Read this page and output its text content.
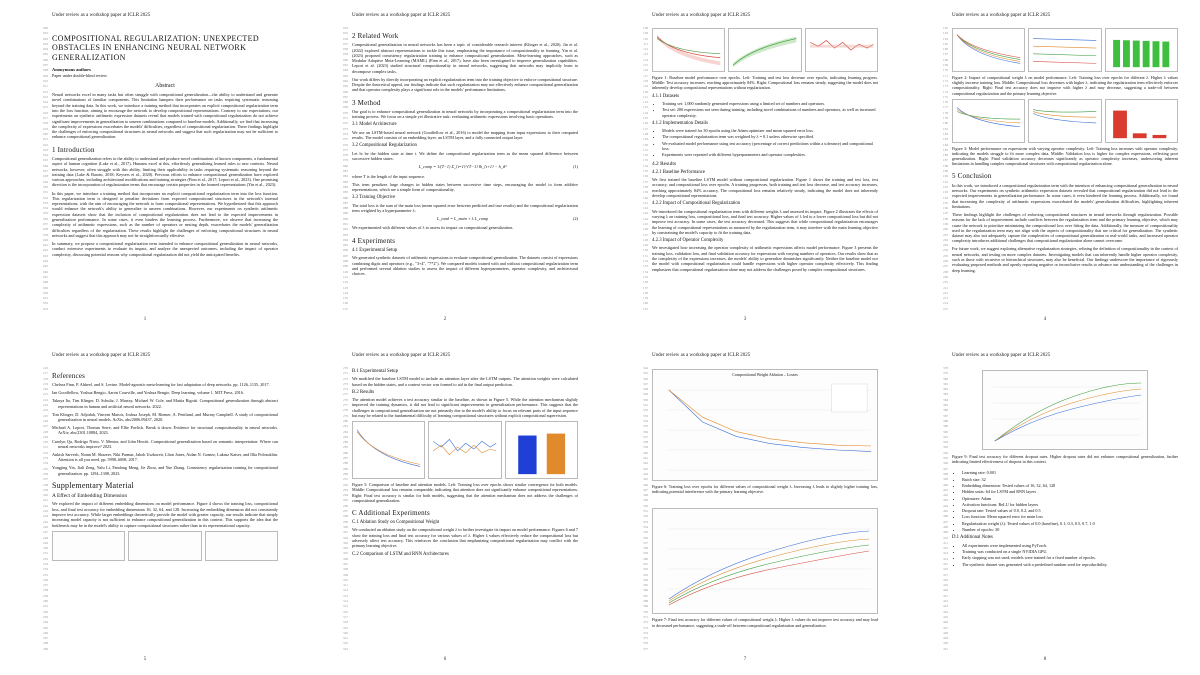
Under review as a workshop paper at ICLR 2025
000
001
002
003
004
005
006
007
008
009
010
011
012
013
014
015
016
017
018
019
020
021
022
023
024
025
026
027
028
029
030
031
032
033
034
035
036
037
038
039
040
041
042
043
044
045
046
047
048
049
050
051
052
053
COMPOSITIONAL REGULARIZATION: UNEXPECTED OBSTACLES IN ENHANCING NEURAL NETWORK GENERALIZATION
Anonymous authors
Paper under double-blind review
Abstract

Neural networks excel in many tasks but often struggle with compositional generalization—the ability to understand and generate novel combinations of familiar components. This limitation hampers their performance on tasks requiring systematic reasoning beyond the training data. In this work, we introduce a training method that incorporates an explicit compositional regularization term into the loss function, aiming to encourage the network to develop compositional representations. Contrary to our expectations, our experiments on synthetic arithmetic expression datasets reveal that models trained with compositional regularization do not achieve significant improvements in generalization to unseen combinations compared to baseline models. Additionally, we find that increasing the complexity of expressions exacerbates the models' difficulties, regardless of compositional regularization. These findings highlight the challenges of enforcing compositional structures in neural networks and suggest that such regularization may not be sufficient to enhance compositional generalization.

1 Introduction

Compositional generalization refers to the ability to understand and produce novel combinations of known components, a fundamental aspect of human cognition (Lake et al., 2017). Humans excel at this, effortlessly generalizing learned rules to new contexts. Neural networks, however, often struggle with this ability, limiting their applicability in tasks requiring systematic reasoning beyond the training data (Lake & Baroni, 2018; Keysers et al., 2020). Previous efforts to enhance compositional generalization have explored various approaches, including architectural modifications and training strategies (Finn et al., 2017; Lepori et al., 2023). One promising direction is the incorporation of regularization terms that encourage certain properties in the learned representations (Yin et al., 2023).

In this paper, we introduce a training method that incorporates an explicit compositional regularization term into the loss function. This regularization term is designed to penalize deviations from expected compositional structures in the network's internal representations, with the aim of encouraging the network to form compositional representations. We hypothesized that this approach would enhance the network's ability to generalize to unseen combinations. However, our experiments on synthetic arithmetic expression datasets show that the inclusion of compositional regularization does not lead to the expected improvements in generalization performance. In some cases, it even hinders the learning process. Furthermore, we observe that increasing the complexity of arithmetic expressions, such as the number of operators or nesting depth, exacerbates the models' generalization difficulties regardless of the regularization. These results highlight the challenges of enforcing compositional structures in neural networks and suggest that this approach may not be straightforwardly effective.

In summary, we propose a compositional regularization term intended to enhance compositional generalization in neural networks, conduct extensive experiments to evaluate its impact, and analyze the unexpected outcomes, including the impact of operator complexity, discussing potential reasons why compositional regularization did not yield the anticipated benefits.

1
Under review as a workshop paper at ICLR 2025
054
055
056
057
058
059
060
061
062
063
064
065
066
067
068
069
070
071
072
073
074
075
076
077
078
079
080
081
082
083
084
085
086
087
088
089
090
091
092
093
094
095
096
097
098
099
100
101
102
103
104
105
106
107
2 Related Work

Compositional generalization in neural networks has been a topic of considerable research interest (Klinger et al., 2020). Jin et al. (2022) explored abstract representations to tackle this issue, emphasizing the importance of compositionality in learning. Yin et al. (2023) proposed consistency regularization training to enhance compositional generalization. Meta-learning approaches, such as Modular Adaptive Meta-Learning (MAML) (Finn et al., 2017), have also been investigated to improve generalization capabilities. Lepori et al. (2023) studied structural compositionality in neural networks, suggesting that networks may implicitly learn to decompose complex tasks.

Our work differs by directly incorporating an explicit regularization term into the training objective to enforce compositional structure. Despite the theoretical appeal, our findings indicate that such regularization may not effectively enhance compositional generalization and that operator complexity plays a significant role in the models' performance limitations.

3 Method

Our goal is to enhance compositional generalization in neural networks by incorporating a compositional regularization term into the training process. We focus on a simple yet illustrative task: evaluating arithmetic expressions involving basic operations.

3.1 Model Architecture

We use an LSTM-based neural network (Goodfellow et al., 2016) to model the mapping from input expressions to their computed results. The model consists of an embedding layer, an LSTM layer, and a fully connected output layer.

3.2 Compositional Regularization

Let hₜ be the hidden state at time t. We define the compositional regularization term as the mean squared difference between successive hidden states:

L_comp = 1/(T−1) Σ_{t=1}^{T−1} ‖h_{t+1} − h_t‖²	(1)

where T is the length of the input sequence.

This term penalizes large changes in hidden states between successive time steps, encouraging the model to form additive representations, which are a simple form of compositionality.

3.3 Training Objective

The total loss is the sum of the main loss (mean squared error between predicted and true results) and the compositional regularization term weighted by a hyperparameter λ:

L_total = L_main + λ L_comp	(2)

We experimented with different values of λ to assess its impact on compositional generalization.

4 Experiments
4.1 Experimental Setup

We generated synthetic datasets of arithmetic expressions to evaluate compositional generalization. The datasets consist of expressions combining digits and operators (e.g., "3+4", "7*2"). We compared models trained with and without compositional regularization term and performed several ablation studies to assess the impact of different hyperparameters, operator complexity, and architectural choices.

2
Under review as a workshop paper at ICLR 2025
108
109
110
111
112
113
114
115
116
117
118
119
120
121
122
123
124
125
126
127
128
129
130
131
132
133
134
135
136
137
138
139
140
141
142
143
144
145
146
147
148
149
150
151
152
153
154
155
156
157
158
159
160
161

Figure 1: Baseline model performance over epochs. Left: Training and test loss decrease over epochs, indicating learning progress. Middle: Test accuracy increases, reaching approximately 84%. Right: Compositional loss remains steady, suggesting the model does not inherently develop compositional representations without regularization.

4.1.1 Datasets
• Training set: 1,000 randomly generated expressions using a limited set of numbers and operators.
• Test set: 200 expressions not seen during training, including novel combinations of numbers and operators, as well as increased operator complexity.
4.1.2 Implementation Details
• Models were trained for 30 epochs using the Adam optimizer and mean squared error loss.
• The compositional regularization term was weighted by λ = 0.1 unless otherwise specified.
• We evaluated model performance using test accuracy (percentage of correct predictions within a tolerance) and compositional loss.
• Experiments were repeated with different hyperparameters and operator complexities.
4.2 Results
4.2.1 Baseline Performance

We first trained the baseline LSTM model without compositional regularization. Figure 1 shows the training and test loss, test accuracy, and compositional loss over epochs. A training progresses, both training and test loss decrease, and test accuracy increases, reaching approximately 84% accuracy. The compositional loss remains relatively steady, indicating the model does not inherently develop compositional representations.

4.2.2 Impact of Compositional Regularization

We introduced the compositional regularization term with different weights λ and assessed its impact. Figure 2 illustrates the effects of varying λ on training loss, compositional loss, and final test accuracy. Higher values of λ led to a lower compositional loss but did not improve test accuracy. In some cases, the test accuracy decreased. This suggests that while compositional regularization encourages the learning of compositional representations as measured by the regularization term, it may interfere with the main learning objective by constraining the model's capacity to fit the training data.

4.2.3 Impact of Operator Complexity

We investigated how increasing the operator complexity of arithmetic expressions affects model performance. Figure 3 presents the training loss, validation loss, and final validation accuracy for expressions with varying numbers of operators. Our results show that as the complexity of the expressions increases, the models' ability to generalize diminishes significantly. Neither the baseline model nor the model with compositional regularization could handle expressions with higher operator complexity effectively. This finding emphasizes that compositional regularization alone may not address the challenges posed by complex compositional structures.

3
Under review as a workshop paper at ICLR 2025
162
163
164
165
166
167
168
169
170
171
172
173
174
175
176
177
178
179
180
181
182
183
184
185
186
187
188
189
190
191
192
193
194
195
196
197
198
199
200
201
202
203
204
205
206
207
208
209
210
211
212
213
214
215

Figure 2: Impact of compositional weight λ on model performance. Left: Training loss over epochs for different λ. Higher λ values slightly increase training loss. Middle: Compositional loss decreases with higher λ, indicating the regularization term effectively enforces compositionality. Right: Final test accuracy does not improve with higher λ and may decrease, suggesting a trade-off between compositional regularization and the primary learning objective.

Figure 3: Model performance on expressions with varying operator complexity. Left: Training loss increases with operator complexity, indicating the models struggle to fit more complex data. Middle: Validation loss is higher for complex expressions, reflecting poor generalization. Right: Final validation accuracy decreases significantly as operator complexity increases, underscoring inherent limitations in handling complex compositional structures with compositional regularization alone.

5 Conclusion

In this work, we introduced a compositional regularization term with the intention of enhancing compositional generalization in neural networks. Our experiments on synthetic arithmetic expression datasets revealed that compositional regularization did not lead to the expected improvements in generalization performance. In some cases, it even hindered the learning process. Additionally, we found that increasing the complexity of arithmetic expressions exacerbated the models' generalization difficulties, highlighting inherent limitations.

These findings highlight the challenges of enforcing compositional structures in neural networks through regularization. Possible reasons for the lack of improvement include conflicts between the regularization term and the primary learning objective, which may cause the network to prioritize minimizing the compositional loss over fitting the data. Additionally, the measure of compositionality used in the regularization term may not align with the aspects of compositionality that are critical for generalization. The synthetic dataset may also not adequately capture the complexities of compositional generalization in real-world tasks, and increased operator complexity introduces additional challenges that compositional regularization alone cannot overcome.

For future work, we suggest exploring alternative regularization strategies, refining the definition of compositionality in the context of neural networks, and testing on more complex datasets. Investigating models that can inherently handle higher operator complexity, such as those with recursive or hierarchical structures, may also be beneficial. Our findings underscore the importance of rigorously evaluating proposed methods and openly reporting negative or inconclusive results to advance our understanding of the challenges in deep learning.

4
Under review as a workshop paper at ICLR 2025
216
217
218
219
220
221
222
223
224
225
226
227
228
229
230
231
232
233
234
235
236
237
238
239
240
241
242
243
244
245
246
247
248
249
250
251
252
253
254
255
256
257
258
259
260
261
262
263
264
265
266
267
268
269
References

Chelsea Finn, P. Abbeel, and S. Levine. Model-agnostic meta-learning for fast adaptation of deep networks. pp. 1126–1135, 2017.

Ian Goodfellow, Yoshua Bengio, Aaron Courville, and Yoshua Bengio. Deep learning, volume 1. MIT Press, 2016.

Takuya Ito, Tim Klinger, D. Schultz, J. Murray, Michael W. Cole, and Mattia Rigotti. Compositional generalization through abstract representations in human and artificial neural networks. 2022.

Tim Klinger, D. Adjodah, Vincent Marois, Joshua Joseph, M. Riemer, A. Pentland, and Murray Campbell. A study of compositional generalization in neural models. ArXiv, abs/2006.09437, 2020.

Michael A. Lepori, Thomas Serre, and Ellie Pavlick. Break it down: Evidence for structural compositionality in neural networks. ArXiv, abs/2301.10884, 2023.

Carolyn Qu, Rodrigo Nieto, V. Mentor, and John Hewitt. Compositional generalization based on semantic interpretation: Where can neural networks improve? 2023.

Ankish Sarvesh, Noam M. Shazeer, Niki Parmar, Jakob Uszkoreit, Llion Jones, Aidan N. Gomez, Lukasz Kaiser, and Illia Polosukhin. Attention is all you need. pp. 5998–6008, 2017.

Yongjing Yin, Jiali Zeng, Yafu Li, Fandong Meng, Jie Zhou, and Yue Zhang. Consistency regularization training for compositional generalization. pp. 1294–1308, 2023.

Supplementary Material
A Effect of Embedding Dimension

We explored the impact of different embedding dimensions on model performance. Figure 4 shows the training loss, compositional loss, and final test accuracy for embedding dimensions 16, 32, 64, and 128. Increasing the embedding dimension did not consistently improve test accuracy. While larger embeddings theoretically provide the model with greater capacity, our results indicate that simply increasing model capacity is not sufficient to enhance compositional generalization in this context. This supports the idea that the bottleneck may be in the model's ability to capture compositional structures rather than in its representational capacity.

5
Under review as a workshop paper at ICLR 2025
270
271
272
273
274
275
276
277
278
279
280
281
282
283
284
285
286
287
288
289
290
291
292
293
294
295
296
297
298
299
300
301
302
303
304
305
306
307
308
309
310
311
312
313
314
315
316
317
318
319
320
321
322
323
B.1 Experimental Setup

We modified the baseline LSTM model to include an attention layer after the LSTM outputs. The attention weights were calculated based on the hidden states, and a context vector was formed to aid in the final output prediction.

B.2 Results

The attention model achieves a test accuracy similar to the baseline, as shown in Figure 5. While the attention mechanism slightly improved the training dynamics, it did not lead to significant improvements in generalization performance. This suggests that the challenges in compositional generalization are not primarily due to the model's ability to focus on relevant parts of the input sequence but may be related to the fundamental difficulty of learning compositional structures without explicit compositional supervision.

Figure 5: Comparison of baseline and attention models. Left: Training loss over epochs shows similar convergence for both models. Middle: Compositional loss remains comparable, indicating that attention does not significantly enhance compositional representations. Right: Final test accuracy is similar for both models, suggesting that the attention mechanism does not address the challenges of compositional generalization.

C Additional Experiments
C.1 Ablation Study on Compositional Weight

We conducted an ablation study on the compositional weight λ to further investigate its impact on model performance. Figures 6 and 7 show the training loss and final test accuracy for various values of λ. Higher λ values effectively reduce the compositional loss but adversely affect test accuracy. This reinforces the conclusion that emphasizing compositional regularization may conflict with the primary learning objective.

C.2 Comparison of LSTM and RNN Architectures
6
Under review as a workshop paper at ICLR 2025
324
325
326
327
328
329
330
331
332
333
334
335
336
337
338
339
340
341
342
343
344
345
346
347
348
349
350
351
352
353
354
355
356
357
358
359
360
361
362
363
364
365
366
367
368
369
370
371
372
373
374
375
376
377
Compositional Weight Ablation – Losses

Figure 6: Training loss over epochs for different values of compositional weight λ. Increasing λ leads to slightly higher training loss, indicating potential interference with the primary learning objective.

Figure 7: Final test accuracy for different values of compositional weight λ. Higher λ values do not improve test accuracy and may lead to decreased performance, suggesting a trade-off between compositional regularization and generalization.

7
Under review as a workshop paper at ICLR 2025
378
379
380
381
382
383
384
385
386
387
388
389
390
391
392
393
394
395
396
397
398
399
400
401
402
403
404
405
406
407
408
409
410
411
412
413
414
415
416
417
418
419
420
421
422
423
424
425
426
427
428
429
430
431

Figure 9: Final test accuracy for different dropout rates. Higher dropout rates did not enhance compositional generalization, further indicating limited effectiveness of dropout in this context.

• Learning rate: 0.001
• Batch size: 32
• Embedding dimension: Tested values of 16, 32, 64, 128
• Hidden units: 64 for LSTM and RNN layers
• Optimizer: Adam
• Activation functions: ReLU for hidden layers
• Dropout rate: Tested values of 0.0, 0.2, and 0.5
• Loss function: Mean squared error for main loss
• Regularization weight (λ): Tested values of 0.0 (baseline), 0.1, 0.3, 0.5, 0.7, 1.0
• Number of epochs: 30
D.1 Additional Notes
• All experiments were implemented using PyTorch.
• Training was conducted on a single NVIDIA GPU.
• Early stopping was not used; models were trained for a fixed number of epochs.
• The synthetic dataset was generated with a predefined random seed for reproducibility.
8
